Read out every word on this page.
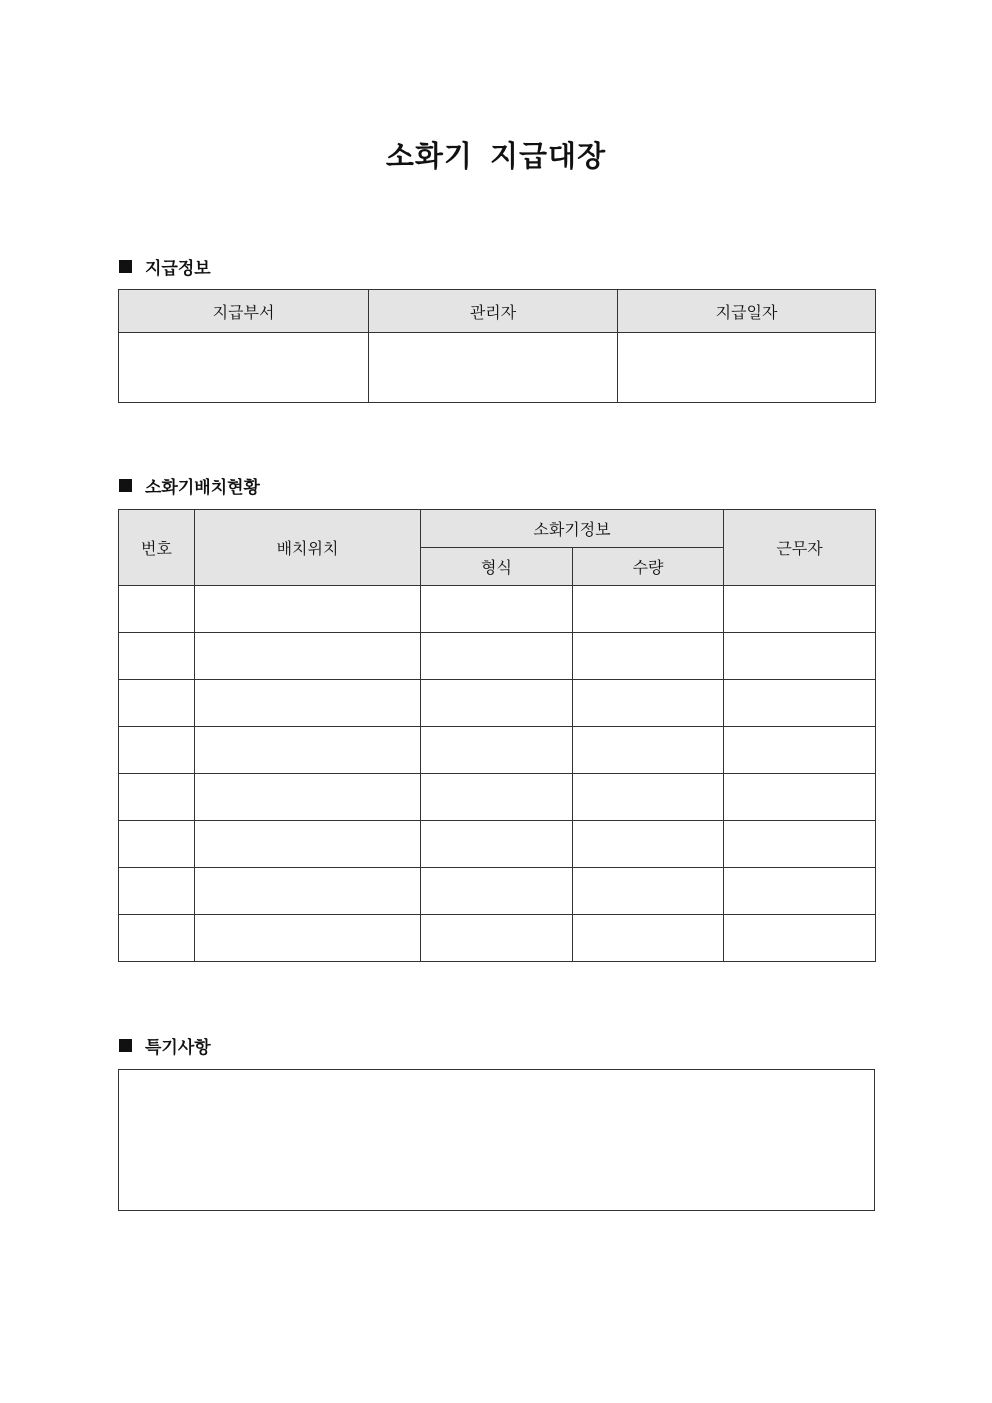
소화기 지급대장
지급정보
지급부서	관리자	지급일자

소화기배치현황
번호	배치위치	소화기정보		근무자
		형식	수량	

특기사항
